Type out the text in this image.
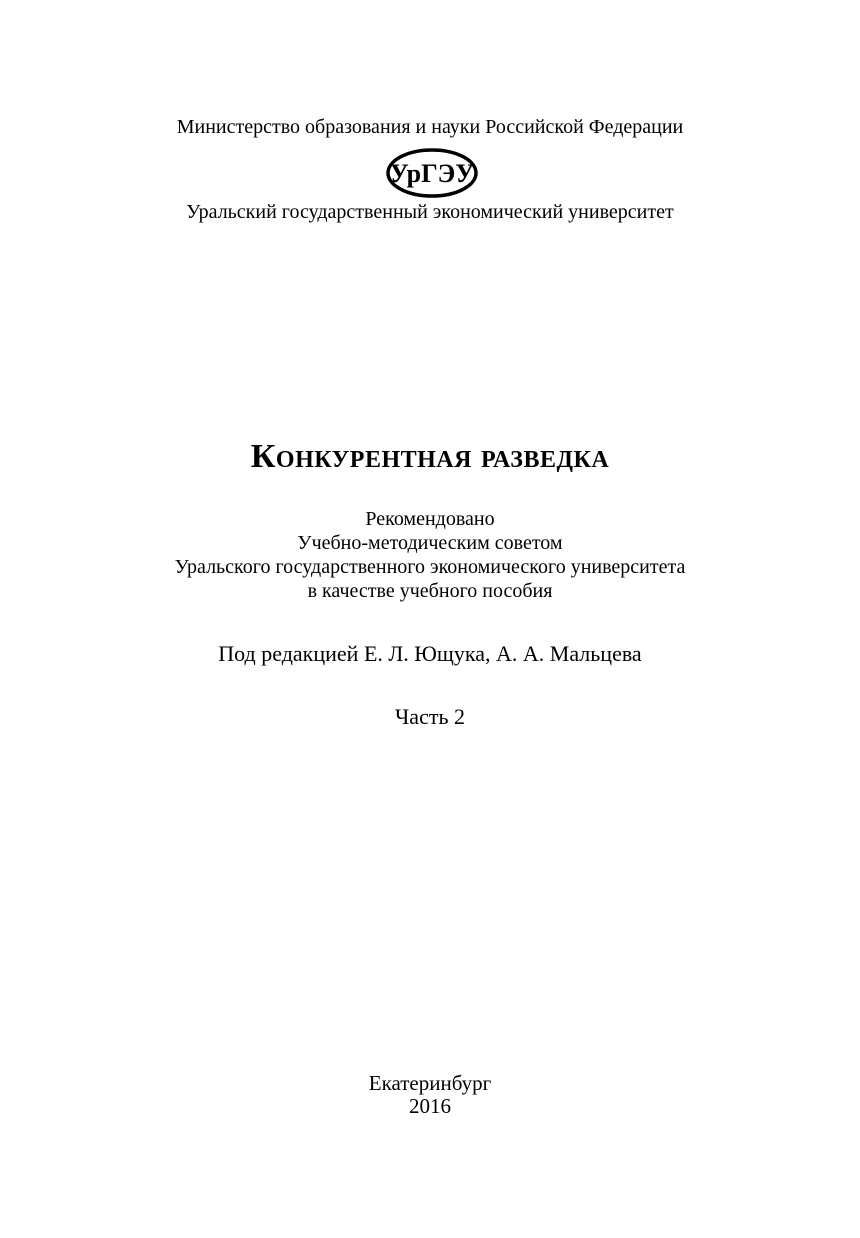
Министерство образования и науки Российской Федерации
УрГЭУ
Уральский государственный экономический университет
Конкурентная разведка
Рекомендовано
Учебно-методическим советом
Уральского государственного экономического университета
в качестве учебного пособия
Под редакцией Е. Л. Ющука, А. А. Мальцева
Часть 2
Екатеринбург
2016
